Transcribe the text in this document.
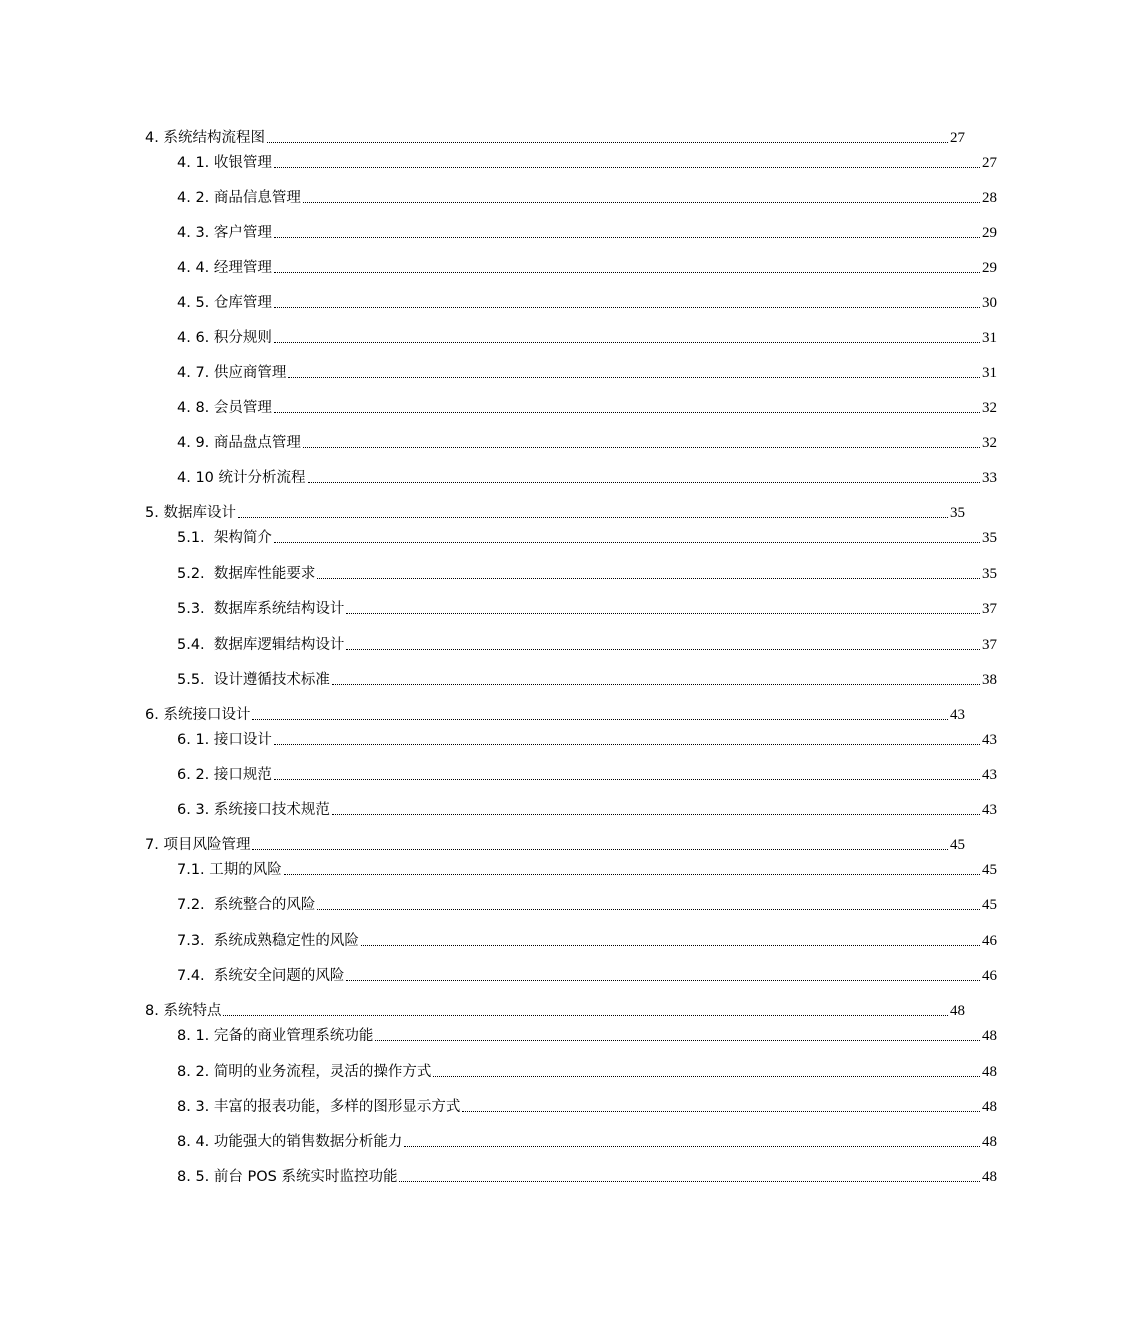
4. 系统结构流程图	27
4. 1. 收银管理	27
4. 2. 商品信息管理	28
4. 3. 客户管理	29
4. 4. 经理管理	29
4. 5. 仓库管理	30
4. 6. 积分规则	31
4. 7. 供应商管理	31
4. 8. 会员管理	32
4. 9. 商品盘点管理	32
4. 10 统计分析流程	33
5. 数据库设计	35
5.1.  架构简介	35
5.2.  数据库性能要求	35
5.3.  数据库系统结构设计	37
5.4.  数据库逻辑结构设计	37
5.5.  设计遵循技术标准	38
6. 系统接口设计	43
6. 1. 接口设计	43
6. 2. 接口规范	43
6. 3. 系统接口技术规范	43
7. 项目风险管理	45
7.1. 工期的风险	45
7.2.  系统整合的风险	45
7.3.  系统成熟稳定性的风险	46
7.4.  系统安全问题的风险	46
8. 系统特点	48
8. 1. 完备的商业管理系统功能	48
8. 2. 简明的业务流程，灵活的操作方式	48
8. 3. 丰富的报表功能，多样的图形显示方式	48
8. 4. 功能强大的销售数据分析能力	48
8. 5. 前台 POS 系统实时监控功能	48
